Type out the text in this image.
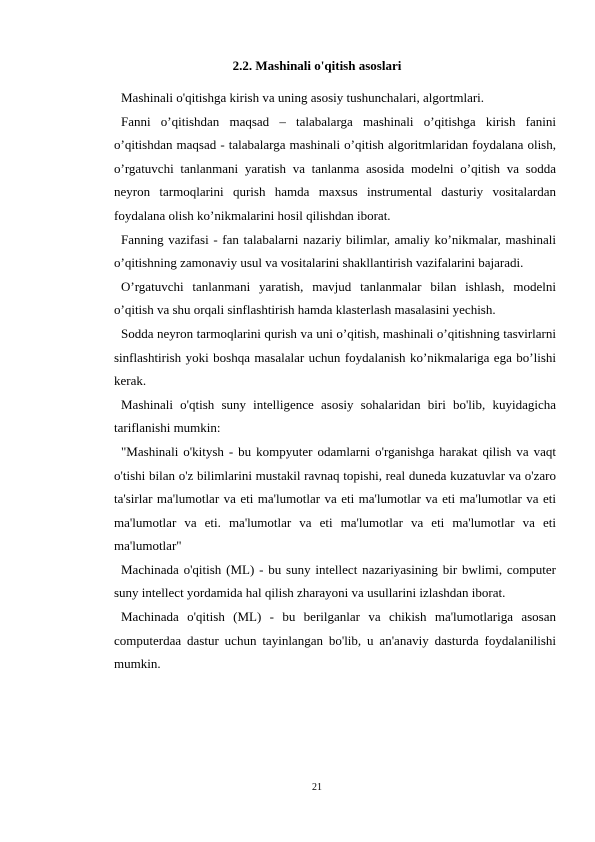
2.2. Mashinali o'qitish asoslari

Mashinali o'qitishga kirish va uning asosiy tushunchalari, algortmlari.

Fanni o’qitishdan maqsad – talabalarga mashinali o’qitishga kirish fanini o’qitishdan maqsad - talabalarga mashinali o’qitish algoritmlaridan foydalana olish, o’rgatuvchi tanlanmani yaratish va tanlanma asosida modelni o’qitish va sodda neyron tarmoqlarini qurish hamda maxsus instrumental dasturiy vositalardan foydalana olish ko’nikmalarini hosil qilishdan iborat.

Fanning vazifasi - fan talabalarni nazariy bilimlar, amaliy ko’nikmalar, mashinali o’qitishning zamonaviy usul va vositalarini shakllantirish vazifalarini bajaradi.

O’rgatuvchi tanlanmani yaratish, mavjud tanlanmalar bilan ishlash, modelni o’qitish va shu orqali sinflashtirish hamda klasterlash masalasini yechish.

Sodda neyron tarmoqlarini qurish va uni o’qitish, mashinali o’qitishning tasvirlarni sinflashtirish yoki boshqa masalalar uchun foydalanish ko’nikmalariga ega bo’lishi kerak.

Mashinali o'qtish suny intelligence asosiy sohalaridan biri bo'lib, kuyidagicha tariflanishi mumkin:

"Mashinali o'kitysh - bu kompyuter odamlarni o'rganishga harakat qilish va vaqt o'tishi bilan o'z bilimlarini mustakil ravnaq topishi, real duneda kuzatuvlar va o'zaro ta'sirlar ma'lumotlar va eti ma'lumotlar va eti ma'lumotlar va eti ma'lumotlar va eti ma'lumotlar va eti. ma'lumotlar va eti ma'lumotlar va eti ma'lumotlar va eti ma'lumotlar"

Machinada o'qitish (ML) - bu suny intellect nazariyasining bir bwlimi, computer suny intellect yordamida hal qilish zharayoni va usullarini izlashdan iborat.

Machinada o'qitish (ML) - bu berilganlar va chikish ma'lumotlariga asosan computerdaa dastur uchun tayinlangan bo'lib, u an'anaviy dasturda foydalanilishi mumkin.

21
